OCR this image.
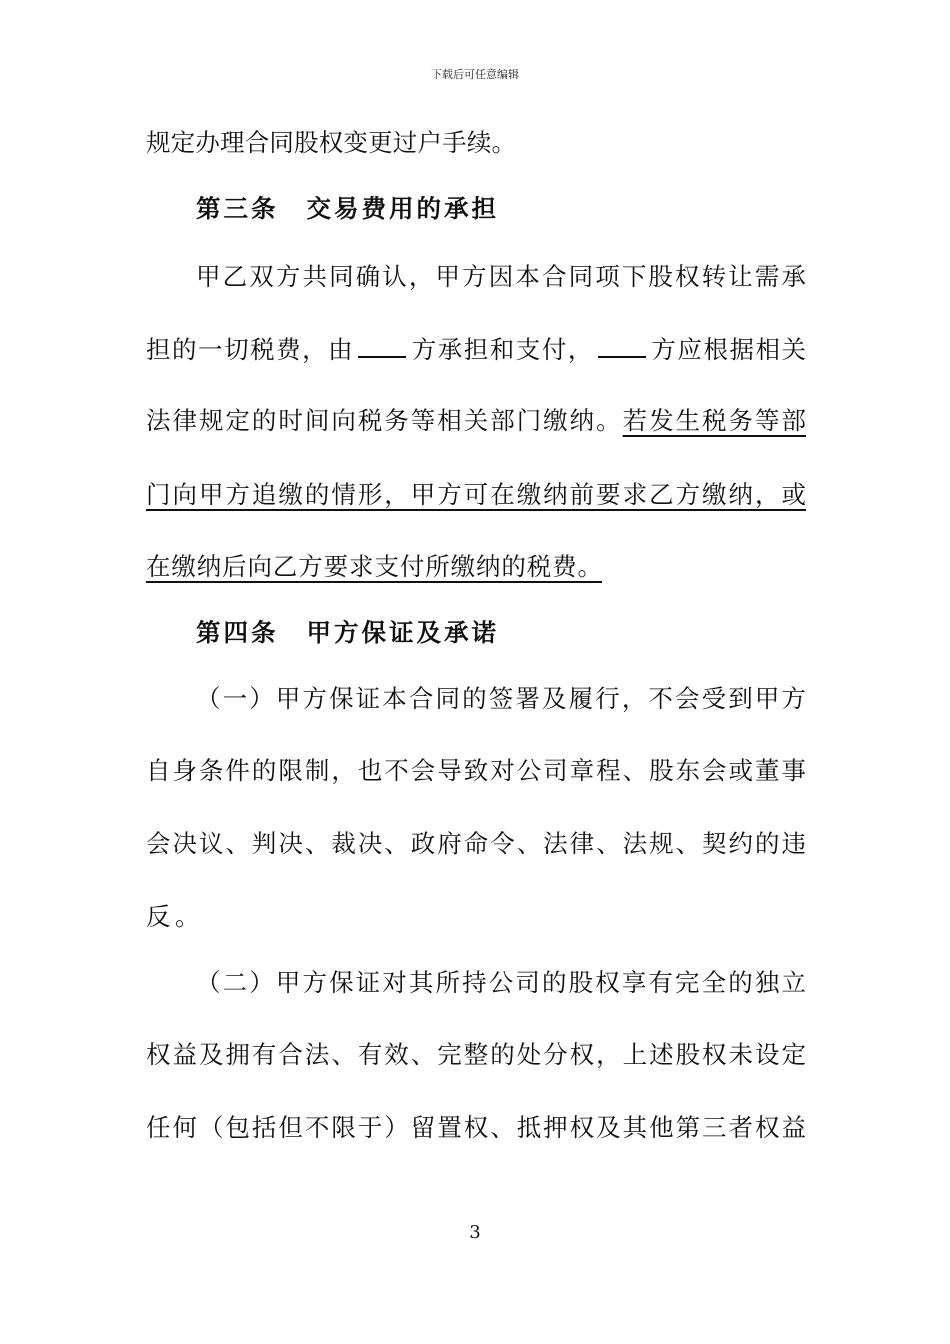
下载后可任意编辑
规定办理合同股权变更过户手续。
第三条 交易费用的承担
甲乙双方共同确认，甲方因本合同项下股权转让需承
担的一切税费，由 方承担和支付， 方应根据相关
法律规定的时间向税务等相关部门缴纳。若发生税务等部
门向甲方追缴的情形，甲方可在缴纳前要求乙方缴纳，或
在缴纳后向乙方要求支付所缴纳的税费。
第四条 甲方保证及承诺
（一）甲方保证本合同的签署及履行，不会受到甲方
自身条件的限制，也不会导致对公司章程、股东会或董事
会决议、判决、裁决、政府命令、法律、法规、契约的违
反。
（二）甲方保证对其所持公司的股权享有完全的独立
权益及拥有合法、有效、完整的处分权，上述股权未设定
任何（包括但不限于）留置权、抵押权及其他第三者权益
3
